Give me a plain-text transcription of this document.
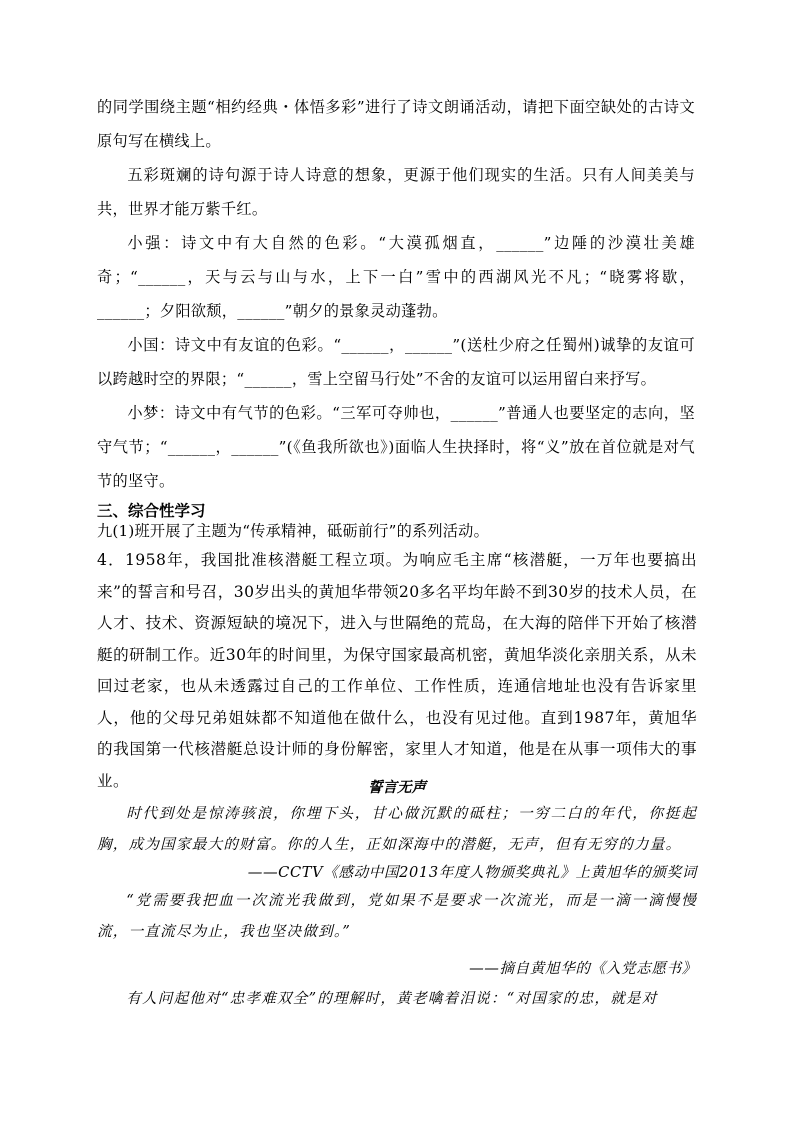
的同学围绕主题“相约经典・体悟多彩”进行了诗文朗诵活动，请把下面空缺处的古诗文原句写在横线上。

五彩斑斓的诗句源于诗人诗意的想象，更源于他们现实的生活。只有人间美美与共，世界才能万紫千红。

小强：诗文中有大自然的色彩。“大漠孤烟直，______”边陲的沙漠壮美雄奇；“______，天与云与山与水，上下一白”雪中的西湖风光不凡；“晓雾将歇，______；夕阳欲颓，______”朝夕的景象灵动蓬勃。

小国：诗文中有友谊的色彩。“______，______”(送杜少府之任蜀州)诚挚的友谊可以跨越时空的界限；“______，雪上空留马行处”不舍的友谊可以运用留白来抒写。

小梦：诗文中有气节的色彩。“三军可夺帅也，______”普通人也要坚定的志向，坚守气节；“______，______”(《鱼我所欲也》)面临人生抉择时，将“义”放在首位就是对气节的坚守。

三、综合性学习

九(1)班开展了主题为“传承精神，砥砺前行”的系列活动。

4．1958年，我国批准核潜艇工程立项。为响应毛主席“核潜艇，一万年也要搞出来”的誓言和号召，30岁出头的黄旭华带领20多名平均年龄不到30岁的技术人员，在人才、技术、资源短缺的境况下，进入与世隔绝的荒岛，在大海的陪伴下开始了核潜艇的研制工作。近30年的时间里，为保守国家最高机密，黄旭华淡化亲朋关系，从未回过老家，也从未透露过自己的工作单位、工作性质，连通信地址也没有告诉家里人，他的父母兄弟姐妹都不知道他在做什么，也没有见过他。直到1987年，黄旭华的我国第一代核潜艇总设计师的身份解密，家里人才知道，他是在从事一项伟大的事业。	誓言无声

时代到处是惊涛骇浪，你埋下头，甘心做沉默的砥柱；一穷二白的年代，你挺起胸，成为国家最大的财富。你的人生，正如深海中的潜艇，无声，但有无穷的力量。

——CCTV《感动中国2013年度人物颁奖典礼》上黄旭华的颁奖词

“党需要我把血一次流光我做到，党如果不是要求一次流光，而是一滴一滴慢慢流，一直流尽为止，我也坚决做到。”

——摘自黄旭华的《入党志愿书》

有人问起他对“忠孝难双全”的理解时，黄老噙着泪说：“对国家的忠，就是对
